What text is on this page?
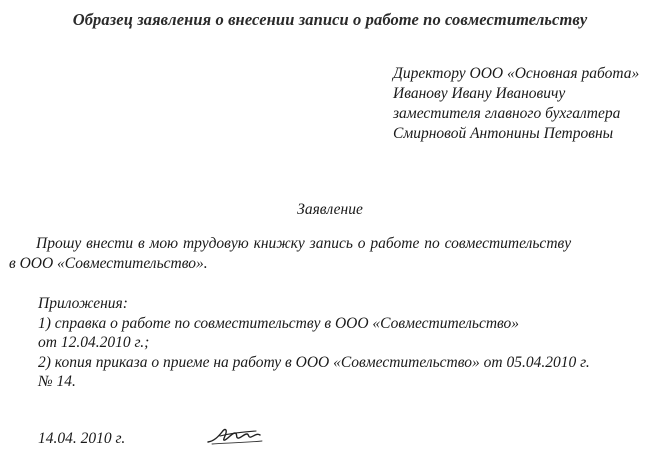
Образец заявления о внесении записи о работе по совместительству
Директору ООО «Основная работа»
Иванову Ивану Ивановичу
заместителя главного бухгалтера
Смирновой Антонины Петровны
Заявление
Прошу внести в мою трудовую книжку запись о работе по совместительству
в ООО «Совместительство».
Приложения:
1) справка о работе по совместительству в ООО «Совместительство»
от 12.04.2010 г.;
2) копия приказа о приеме на работу в ООО «Совместительство» от 05.04.2010 г.
№ 14.
14.04. 2010 г.
